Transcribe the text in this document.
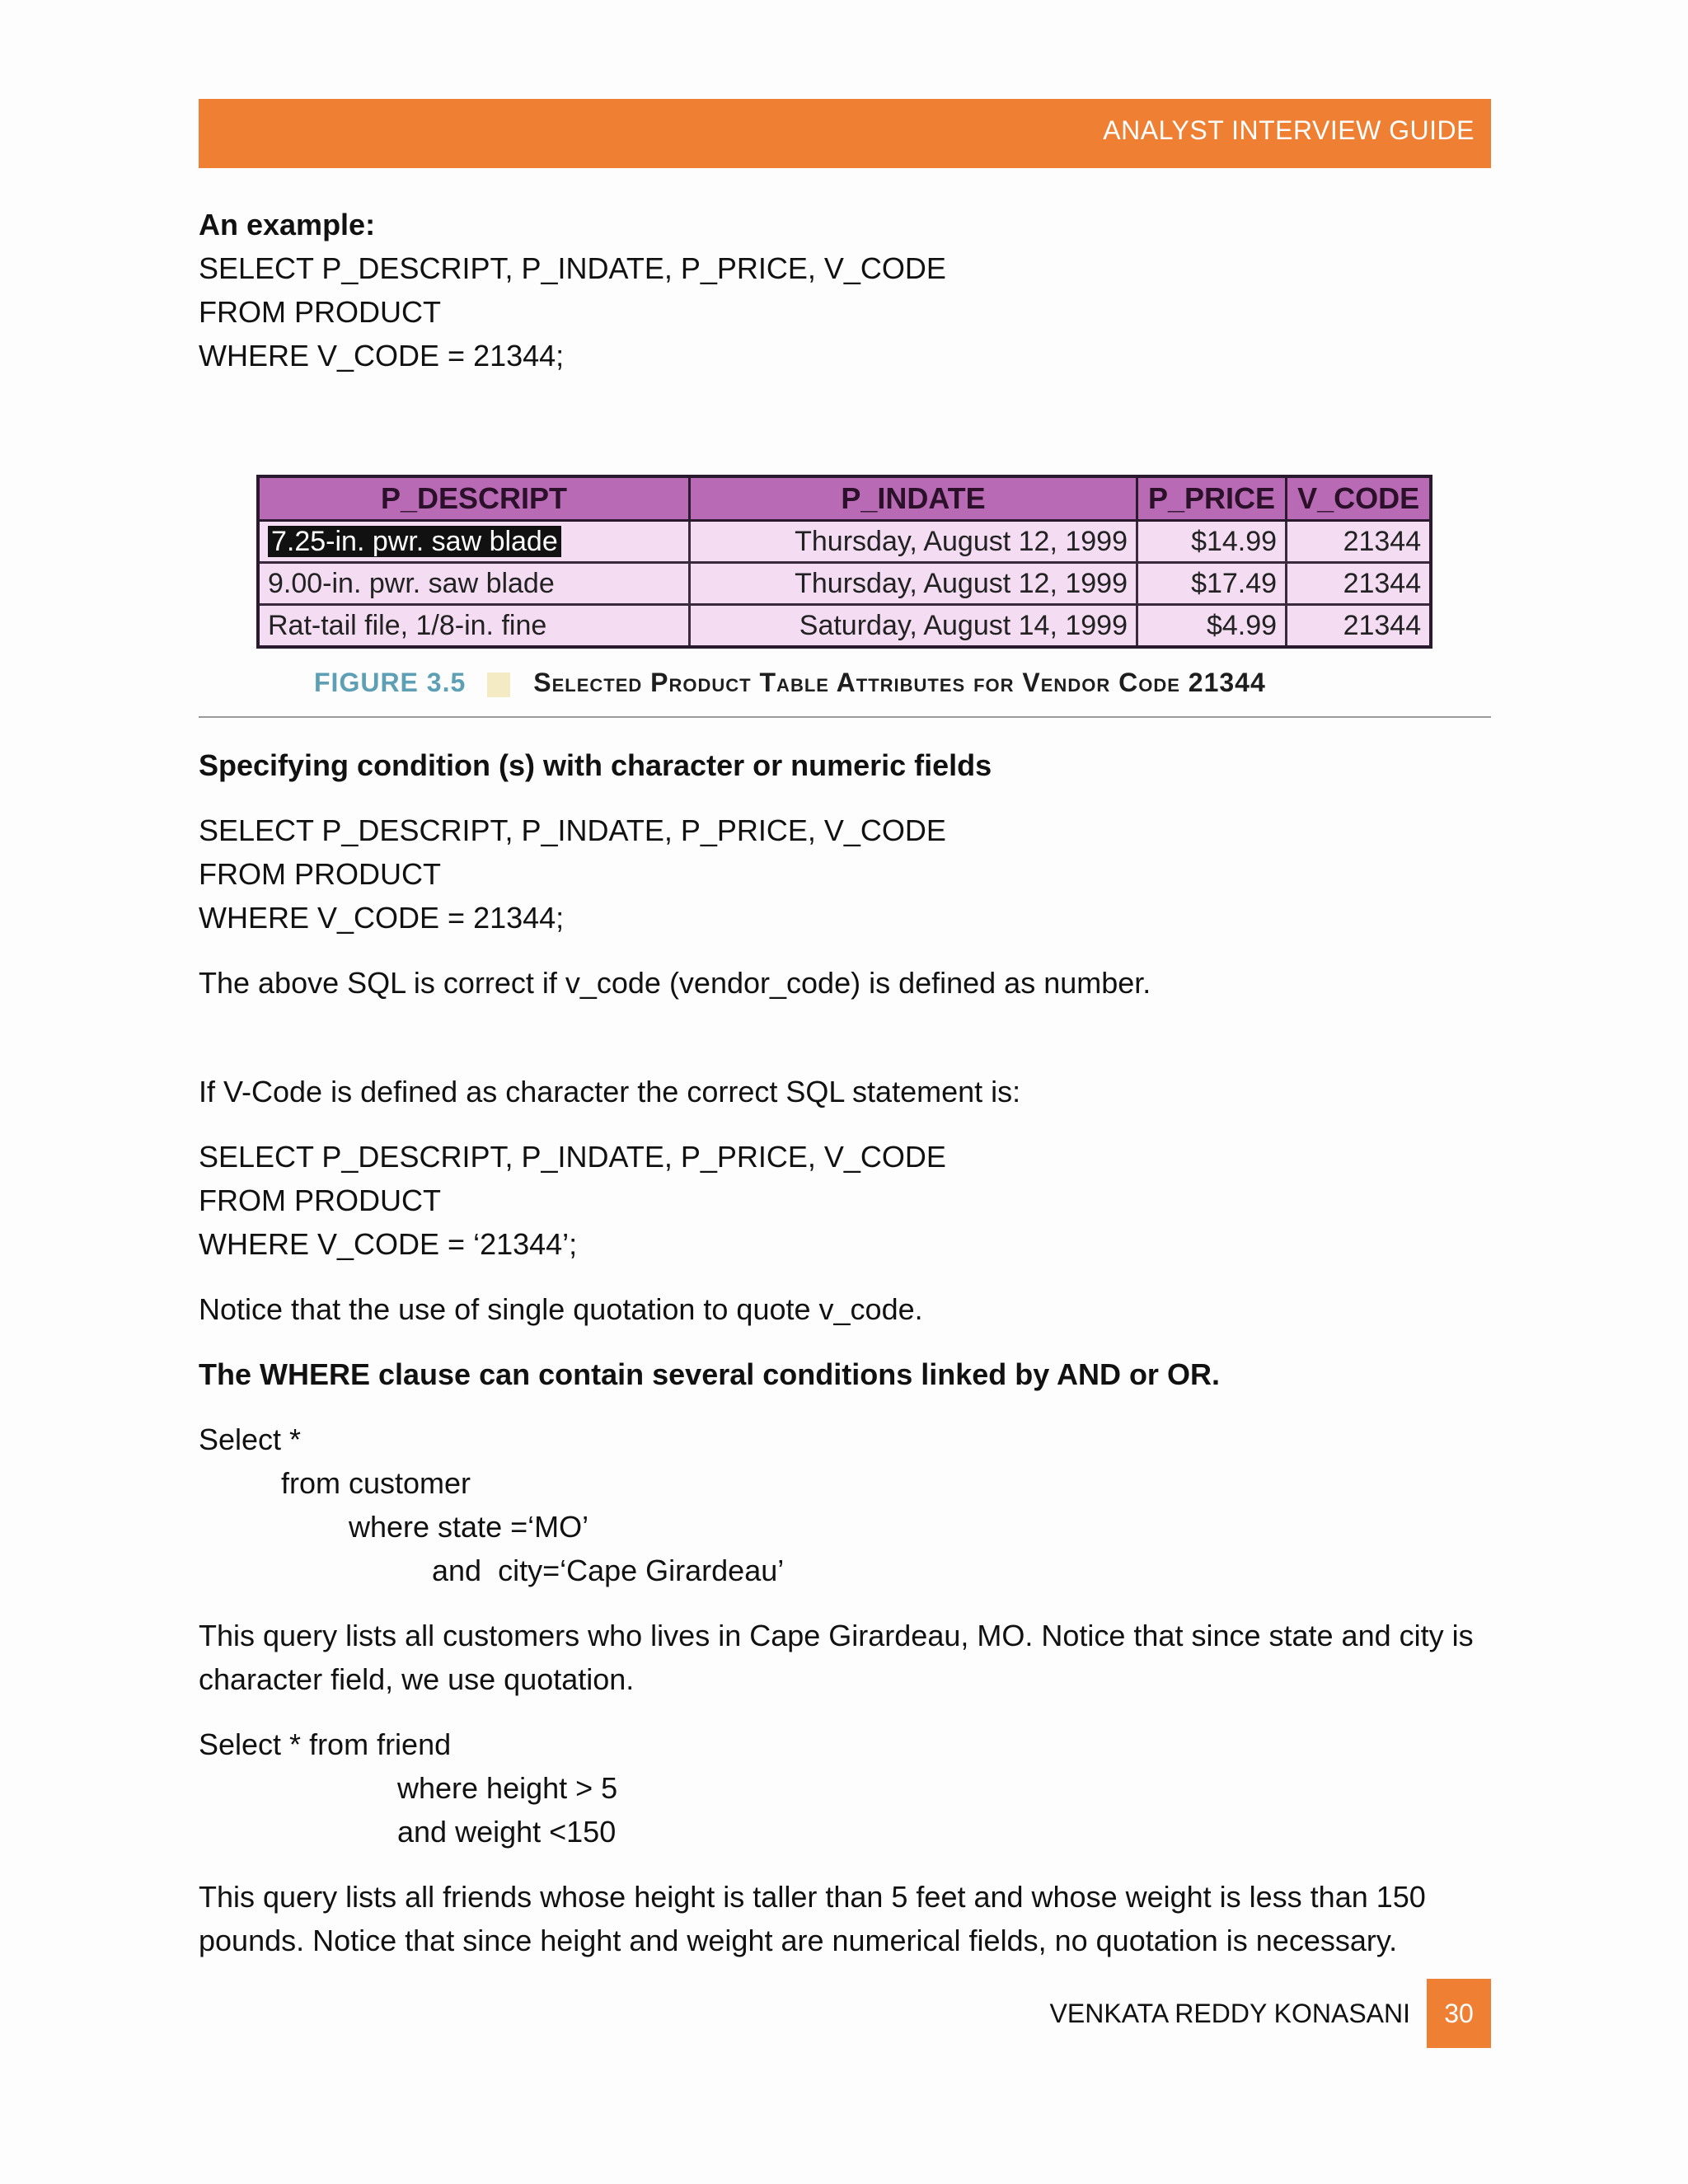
ANALYST INTERVIEW GUIDE

An example:

SELECT P_DESCRIPT, P_INDATE, P_PRICE, V_CODE

FROM PRODUCT

WHERE V_CODE = 21344;

P_DESCRIPT	P_INDATE	P_PRICE	V_CODE
7.25-in. pwr. saw blade	Thursday, August 12, 1999	$14.99	21344
9.00-in. pwr. saw blade	Thursday, August 12, 1999	$17.49	21344
Rat-tail file, 1/8-in. fine	Saturday, August 14, 1999	$4.99	21344
FIGURE 3.5	Selected Product Table Attributes for Vendor Code 21344

Specifying condition (s) with character or numeric fields

SELECT P_DESCRIPT, P_INDATE, P_PRICE, V_CODE

FROM PRODUCT

WHERE V_CODE = 21344;

The above SQL is correct if v_code (vendor_code) is defined as number.

If V-Code is defined as character the correct SQL statement is:

SELECT P_DESCRIPT, P_INDATE, P_PRICE, V_CODE

FROM PRODUCT

WHERE V_CODE = ‘21344’;

Notice that the use of single quotation to quote v_code.

The WHERE clause can contain several conditions linked by AND or OR.

Select *

from customer

where state =‘MO’

and  city=‘Cape Girardeau’

This query lists all customers who lives in Cape Girardeau, MO. Notice that since state and city is character field, we use quotation.

Select * from friend

where height > 5

and weight <150

This query lists all friends whose height is taller than 5 feet and whose weight is less than 150 pounds. Notice that since height and weight are numerical fields, no quotation is necessary.

VENKATA REDDY KONASANI	30
